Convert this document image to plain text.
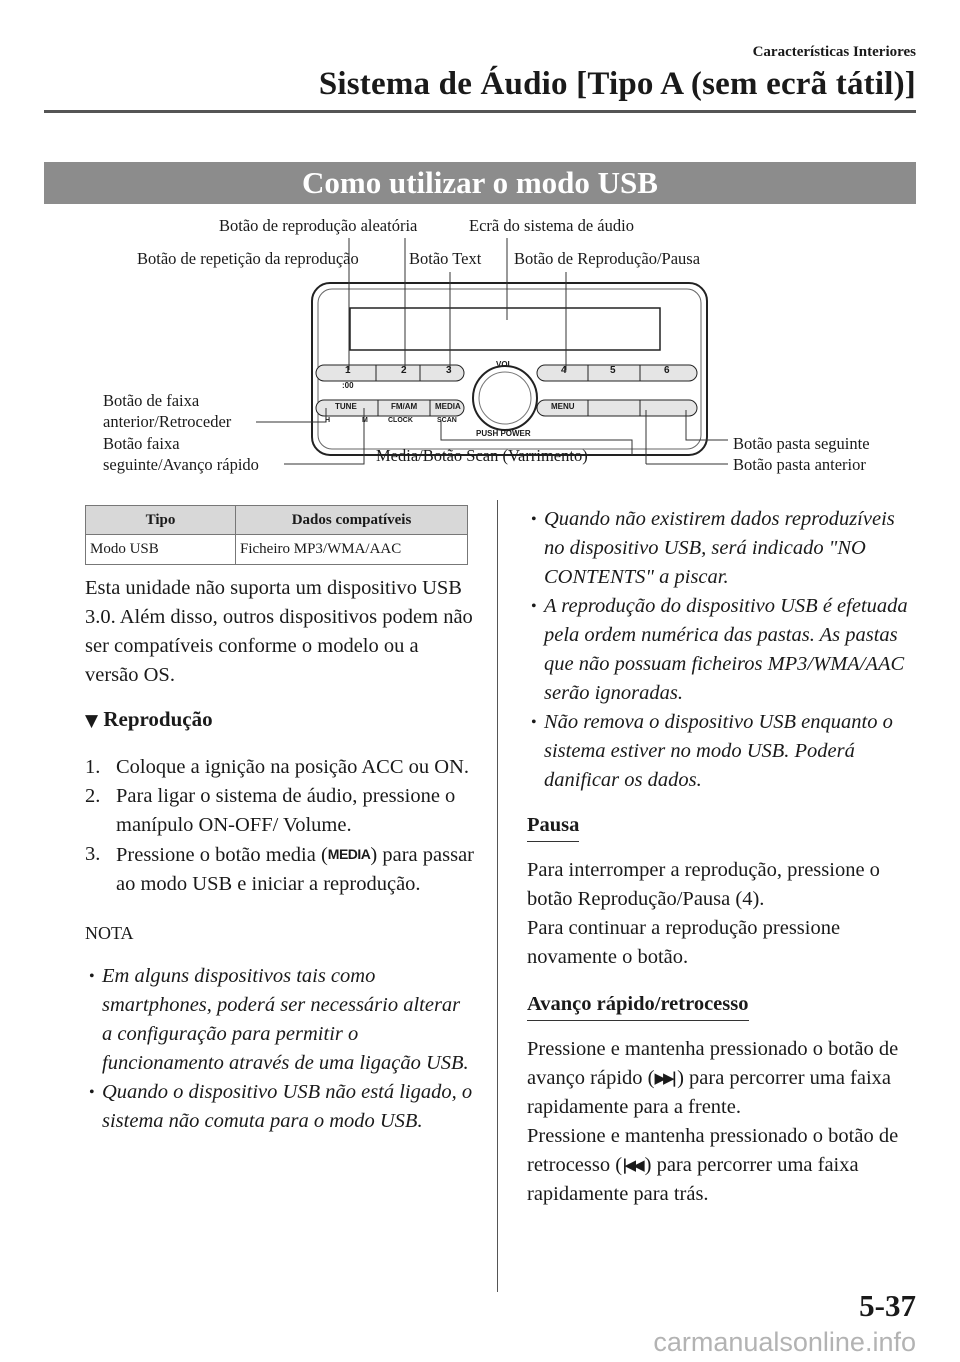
Características Interiores
Sistema de Áudio [Tipo A (sem ecrã tátil)]
Como utilizar o modo USB
1	2	3	4	5	6
:00
VOL
TUNE	FM/AM MEDIA	MENU
H	M	CLOCK	SCAN
PUSH POWER
Botão de reprodução aleatória	Ecrã do sistema de áudio
Botão de repetição da reprodução	Botão Text Botão de Reprodução/Pausa
Botão de faixa
anterior/Retroceder
Botão faixa
seguinte/Avanço rápido	Media/Botão Scan (Varrimento)
Botão pasta seguinte
Botão pasta anterior
Tipo	Dados compatíveis
Modo USB	Ficheiro MP3/WMA/AAC

Esta unidade não suporta um dispositivo USB 3.0. Além disso, outros dispositivos podem não ser compatíveis conforme o modelo ou a versão OS.

▼ Reprodução
1. Coloque a ignição na posição ACC ou ON.
2. Para ligar o sistema de áudio, pressione o manípulo ON-OFF/ Volume.
3. Pressione o botão media (MEDIA) para passar ao modo USB e iniciar a reprodução.
NOTA
• Em alguns dispositivos tais como smartphones, poderá ser necessário alterar a configuração para permitir o funcionamento através de uma ligação USB.
• Quando o dispositivo USB não está ligado, o sistema não comuta para o modo USB.
• Quando não existirem dados reproduzíveis no dispositivo USB, será indicado "NO CONTENTS" a piscar.
• A reprodução do dispositivo USB é efetuada pela ordem numérica das pastas. As pastas que não possuam ficheiros MP3/WMA/AAC serão ignoradas.
• Não remova o dispositivo USB enquanto o sistema estiver no modo USB. Poderá danificar os dados.
Pausa

Para interromper a reprodução, pressione o botão Reprodução/Pausa (4).

Para continuar a reprodução pressione novamente o botão.

Avanço rápido/retrocesso

Pressione e mantenha pressionado o botão de avanço rápido (▶▶| ) para percorrer uma faixa rapidamente para a frente.

Pressione e mantenha pressionado o botão de retrocesso (|◀◀ ) para percorrer uma faixa rapidamente para trás.

5-37
carmanualsonline.info
